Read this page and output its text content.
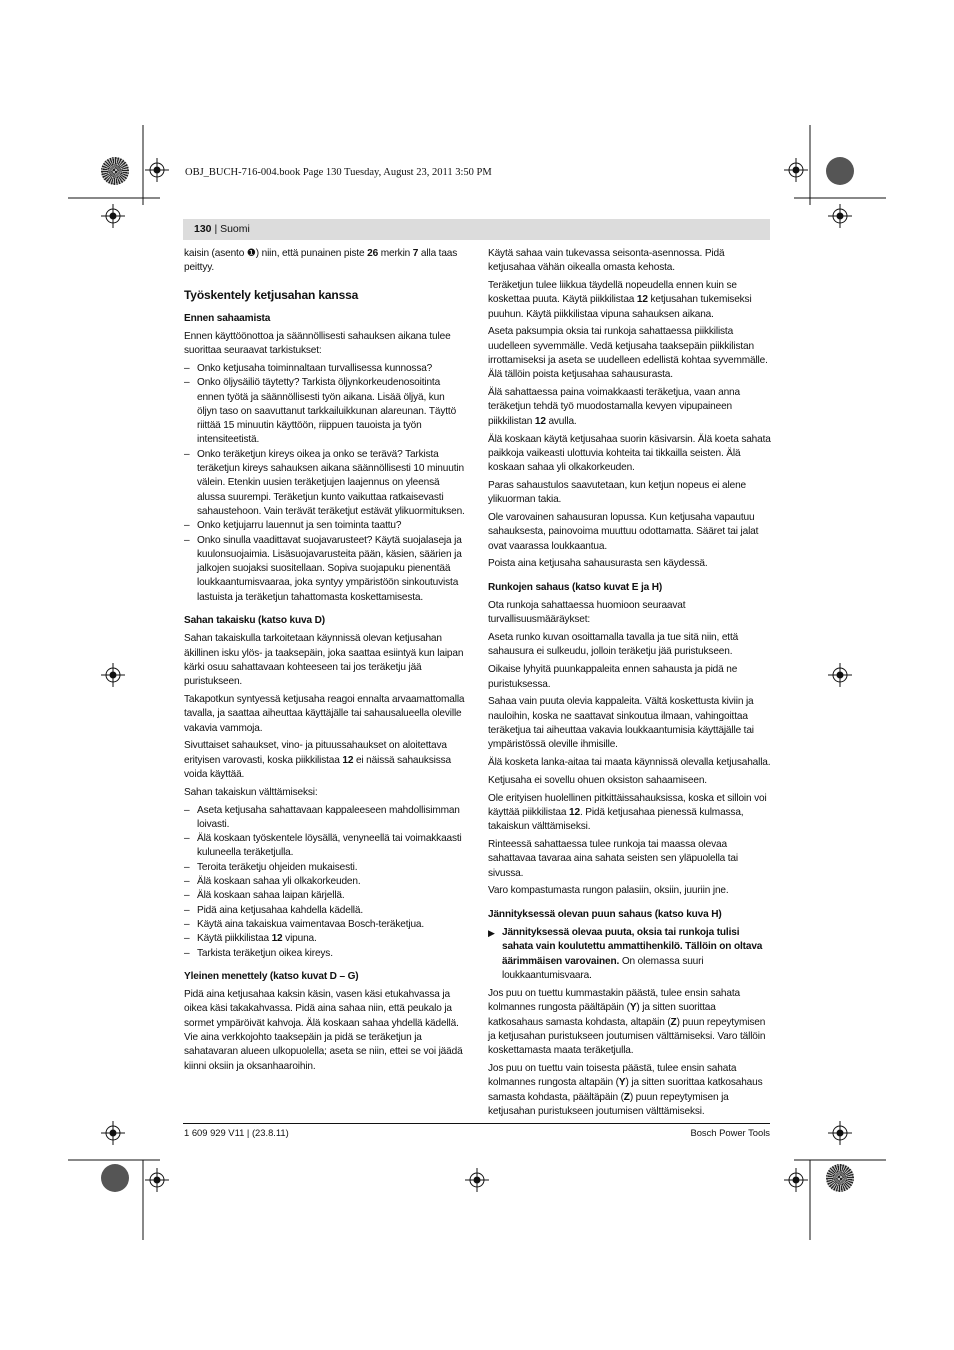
OBJ_BUCH-716-004.book Page 130 Tuesday, August 23, 2011 3:50 PM
130 | Suomi

kaisin (asento ❶) niin, että punainen piste 26 merkin 7 alla taas peittyy.

Työskentely ketjusahan kanssa
Ennen sahaamista

Ennen käyttöönottoa ja säännöllisesti sahauksen aikana tulee suorittaa seuraavat tarkistukset:

– Onko ketjusaha toiminnaltaan turvallisessa kunnossa?
– Onko öljysäiliö täytetty? Tarkista öljynkorkeudenosoitinta ennen työtä ja säännöllisesti työn aikana. Lisää öljyä, kun öljyn taso on saavuttanut tarkkailuikkunan alareunan. Täyttö riittää 15 minuutin käyttöön, riippuen tauoista ja työn intensiteetistä.
– Onko teräketjun kireys oikea ja onko se terävä? Tarkista teräketjun kireys sahauksen aikana säännöllisesti 10 minuutin välein. Etenkin uusien teräketjujen laajennus on yleensä alussa suurempi. Teräketjun kunto vaikuttaa ratkaisevasti sahaustehoon. Vain terävät teräketjut estävät ylikuormituksen.
– Onko ketjujarru lauennut ja sen toiminta taattu?
– Onko sinulla vaadittavat suojavarusteet? Käytä suojalaseja ja kuulonsuojaimia. Lisäsuojavarusteita pään, käsien, säärien ja jalkojen suojaksi suositellaan. Sopiva suojapuku pienentää loukkaantumisvaaraa, joka syntyy ympäristöön sinkoutuvista lastuista ja teräketjun tahattomasta koskettamisesta.
Sahan takaisku (katso kuva D)

Sahan takaiskulla tarkoitetaan käynnissä olevan ketjusahan äkillinen isku ylös- ja taaksepäin, joka saattaa esiintyä kun laipan kärki osuu sahattavaan kohteeseen tai jos teräketju jää puristukseen.

Takapotkun syntyessä ketjusaha reagoi ennalta arvaamattomalla tavalla, ja saattaa aiheuttaa käyttäjälle tai sahausalueella oleville vakavia vammoja.

Sivuttaiset sahaukset, vino- ja pituussahaukset on aloitettava erityisen varovasti, koska piikkilistaa 12 ei näissä sahauksissa voida käyttää.

Sahan takaiskun välttämiseksi:

– Aseta ketjusaha sahattavaan kappaleeseen mahdollisimman loivasti.
– Älä koskaan työskentele löysällä, venyneellä tai voimakkaasti kuluneella teräketjulla.
– Teroita teräketju ohjeiden mukaisesti.
– Älä koskaan sahaa yli olkakorkeuden.
– Älä koskaan sahaa laipan kärjellä.
– Pidä aina ketjusahaa kahdella kädellä.
– Käytä aina takaiskua vaimentavaa Bosch-teräketjua.
– Käytä piikkilistaa 12 vipuna.
– Tarkista teräketjun oikea kireys.
Yleinen menettely (katso kuvat D – G)

Pidä aina ketjusahaa kaksin käsin, vasen käsi etukahvassa ja oikea käsi takakahvassa. Pidä aina sahaa niin, että peukalo ja sormet ympäröivät kahvoja. Älä koskaan sahaa yhdellä kädellä. Vie aina verkkojohto taaksepäin ja pidä se teräketjun ja sahatavaran alueen ulkopuolella; aseta se niin, ettei se voi jäädä kiinni oksiin ja oksanhaaroihin.

Käytä sahaa vain tukevassa seisonta-asennossa. Pidä ketjusahaa vähän oikealla omasta kehosta.

Teräketjun tulee liikkua täydellä nopeudella ennen kuin se koskettaa puuta. Käytä piikkilistaa 12 ketjusahan tukemiseksi puuhun. Käytä piikkilistaa vipuna sahauksen aikana.

Aseta paksumpia oksia tai runkoja sahattaessa piikkilista uudelleen syvemmälle. Vedä ketjusaha taaksepäin piikkilistan irrottamiseksi ja aseta se uudelleen edellistä kohtaa syvemmälle. Älä tällöin poista ketjusahaa sahausurasta.

Älä sahattaessa paina voimakkaasti teräketjua, vaan anna teräketjun tehdä työ muodostamalla kevyen vipupaineen piikkilistan 12 avulla.

Älä koskaan käytä ketjusahaa suorin käsivarsin. Älä koeta sahata paikkoja vaikeasti ulottuvia kohteita tai tikkailla seisten. Älä koskaan sahaa yli olkakorkeuden.

Paras sahaustulos saavutetaan, kun ketjun nopeus ei alene ylikuorman takia.

Ole varovainen sahausuran lopussa. Kun ketjusaha vapautuu sahauksesta, painovoima muuttuu odottamatta. Sääret tai jalat ovat vaarassa loukkaantua.

Poista aina ketjusaha sahausurasta sen käydessä.

Runkojen sahaus (katso kuvat E ja H)

Ota runkoja sahattaessa huomioon seuraavat turvallisuusmääräykset:

Aseta runko kuvan osoittamalla tavalla ja tue sitä niin, että sahausura ei sulkeudu, jolloin teräketju jää puristukseen.

Oikaise lyhyitä puunkappaleita ennen sahausta ja pidä ne puristuksessa.

Sahaa vain puuta olevia kappaleita. Vältä koskettusta kiviin ja nauloihin, koska ne saattavat sinkoutua ilmaan, vahingoittaa teräketjua tai aiheuttaa vakavia loukkaantumisia käyttäjälle tai ympäristössä oleville ihmisille.

Älä kosketa lanka-aitaa tai maata käynnissä olevalla ketjusahalla.

Ketjusaha ei sovellu ohuen oksiston sahaamiseen.

Ole erityisen huolellinen pitkittäissahauksissa, koska et silloin voi käyttää piikkilistaa 12. Pidä ketjusahaa pienessä kulmassa, takaiskun välttämiseksi.

Rinteessä sahattaessa tulee runkoja tai maassa olevaa sahattavaa tavaraa aina sahata seisten sen yläpuolella tai sivussa.

Varo kompastumasta rungon palasiin, oksiin, juuriin jne.

Jännityksessä olevan puun sahaus (katso kuva H)
▶ Jännityksessä olevaa puuta, oksia tai runkoja tulisi sahata vain koulutettu ammattihenkilö. Tällöin on oltava äärimmäisen varovainen. On olemassa suuri loukkaantumisvaara.

Jos puu on tuettu kummastakin päästä, tulee ensin sahata kolmannes rungosta päältäpäin (Y) ja sitten suorittaa katkosahaus samasta kohdasta, altapäin (Z) puun repeytymisen ja ketjusahan puristukseen joutumisen välttämiseksi. Varo tällöin koskettamasta maata teräketjulla.

Jos puu on tuettu vain toisesta päästä, tulee ensin sahata kolmannes rungosta altapäin (Y) ja sitten suorittaa katkosahaus samasta kohdasta, päältäpäin (Z) puun repeytymisen ja ketjusahan puristukseen joutumisen välttämiseksi.

1 609 929 V11 | (23.8.11)	Bosch Power Tools
